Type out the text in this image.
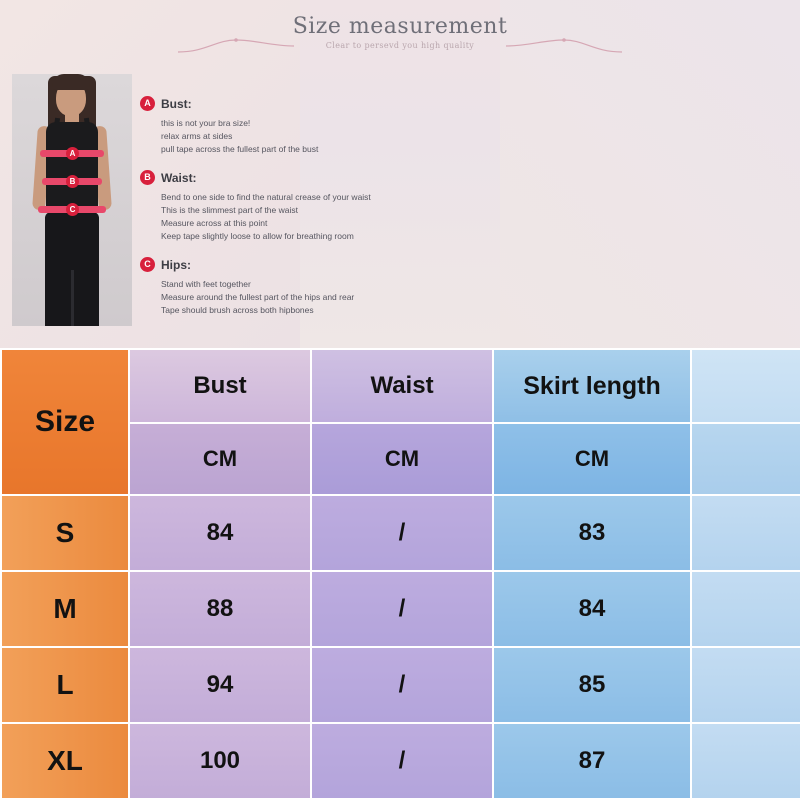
Size measurement
Clear to persevd you high quality
A
B
C
A Bust:
this is not your bra size!
relax arms at sides
pull tape across the fullest part of the bust
B Waist:
Bend to one side to find the natural crease of your waist
This is the slimmest part of the waist
Measure across at this point
Keep tape slightly loose to allow for breathing room
C Hips:
Stand with feet together
Measure around the fullest part of the hips and rear
Tape should brush across both hipbones
Size	Bust	Waist	Skirt length	
	CM	CM	CM	
S	84	/	83	
M	88	/	84	
L	94	/	85	
XL	100	/	87	
